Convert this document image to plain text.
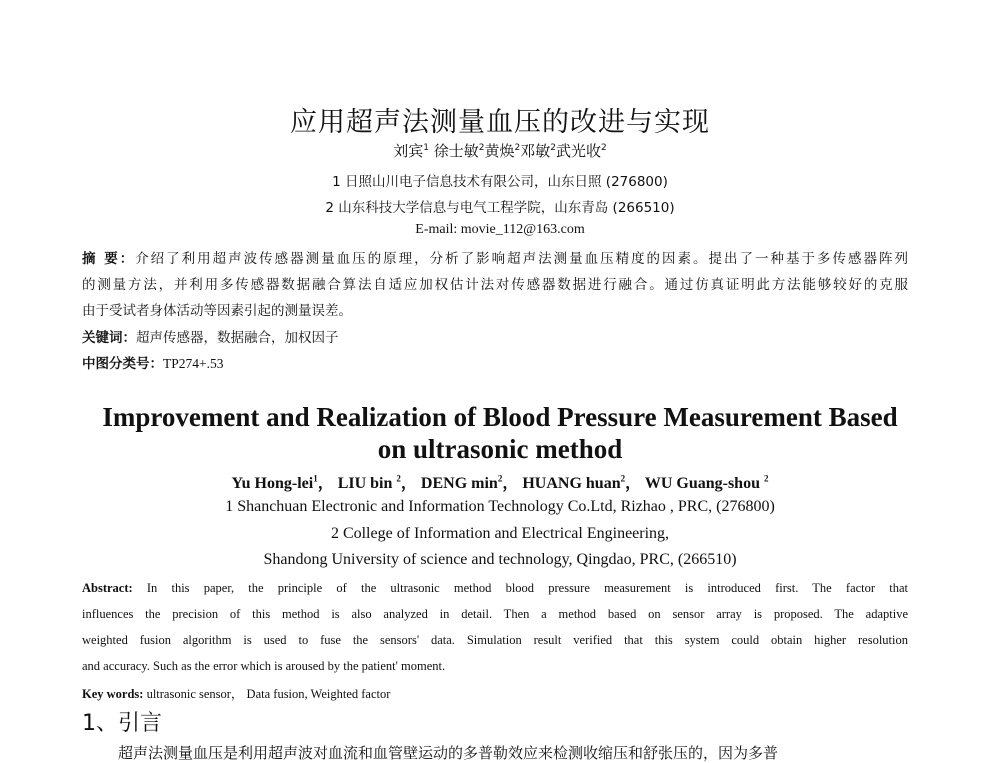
应用超声法测量血压的改进与实现
刘宾$^1$ 徐士敏$^2$黄焕$^2$邓敏$^2$武光收$^2$
1 日照山川电子信息技术有限公司，山东日照 (276800)
2 山东科技大学信息与电气工程学院，山东青岛 (266510)
E-mail: movie_112@163.com
摘 要：介绍了利用超声波传感器测量血压的原理，分析了影响超声法测量血压精度的因素。提出了一种基于多传感器阵列
的测量方法，并利用多传感器数据融合算法自适应加权估计法对传感器数据进行融合。通过仿真证明此方法能够较好的克服
由于受试者身体活动等因素引起的测量误差。
关键词：超声传感器，数据融合，加权因子
中图分类号：TP274+.53
Improvement and Realization of Blood Pressure Measurement Based
on ultrasonic method
Yu Hong-lei$^1$， LIU bin $^2$， DENG $\min^2$， HUANG huan$^2$， WU Guang-shou $^2$
1 Shanchuan Electronic and Information Technology Co.Ltd, Rizhao , PRC, (276800)
2 College of Information and Electrical Engineering,
Shandong University of science and technology, Qingdao, PRC, (266510)
Abstract: In this paper, the principle of the ultrasonic method blood pressure measurement is introduced first. The factor that
influences the precision of this method is also analyzed in detail. Then a method based on sensor array is proposed. The adaptive
weighted fusion algorithm is used to fuse the sensors' data. Simulation result verified that this system could obtain higher resolution
and accuracy. Such as the error which is aroused by the patient' moment.
Key words: ultrasonic sensor， Data fusion, Weighted factor
1、引言
超声法测量血压是利用超声波对血流和血管壁运动的多普勒效应来检测收缩压和舒张压的，因为多普
